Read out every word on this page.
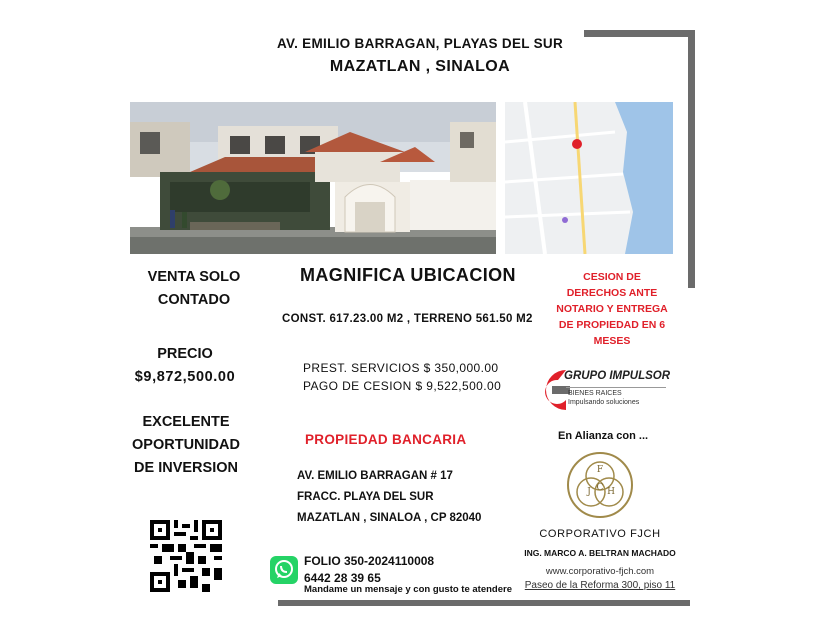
AV. EMILIO BARRAGAN, PLAYAS DEL SUR
MAZATLAN , SINALOA
VENTA SOLO
CONTADO
PRECIO
$9,872,500.00
EXCELENTE
OPORTUNIDAD
DE INVERSION
MAGNIFICA UBICACION
CONST. 617.23.00 M2 , TERRENO 561.50 M2
PREST. SERVICIOS $ 350,000.00
PAGO DE CESION $ 9,522,500.00
PROPIEDAD BANCARIA
AV. EMILIO BARRAGAN # 17
FRACC. PLAYA DEL SUR
MAZATLAN , SINALOA , CP 82040
CESION DE
DERECHOS ANTE
NOTARIO Y ENTREGA
DE PROPIEDAD EN 6
MESES
GRUPO IMPULSOR
BIENES RAICES
Impulsando soluciones
En Alianza con ...
F
J H
C
CORPORATIVO FJCH
ING. MARCO A. BELTRAN MACHADO
www.corporativo-fjch.com
Paseo de la Reforma 300, piso 11
FOLIO 350-2024110008
6442 28 39 65
Mandame un mensaje y con gusto te atendere
